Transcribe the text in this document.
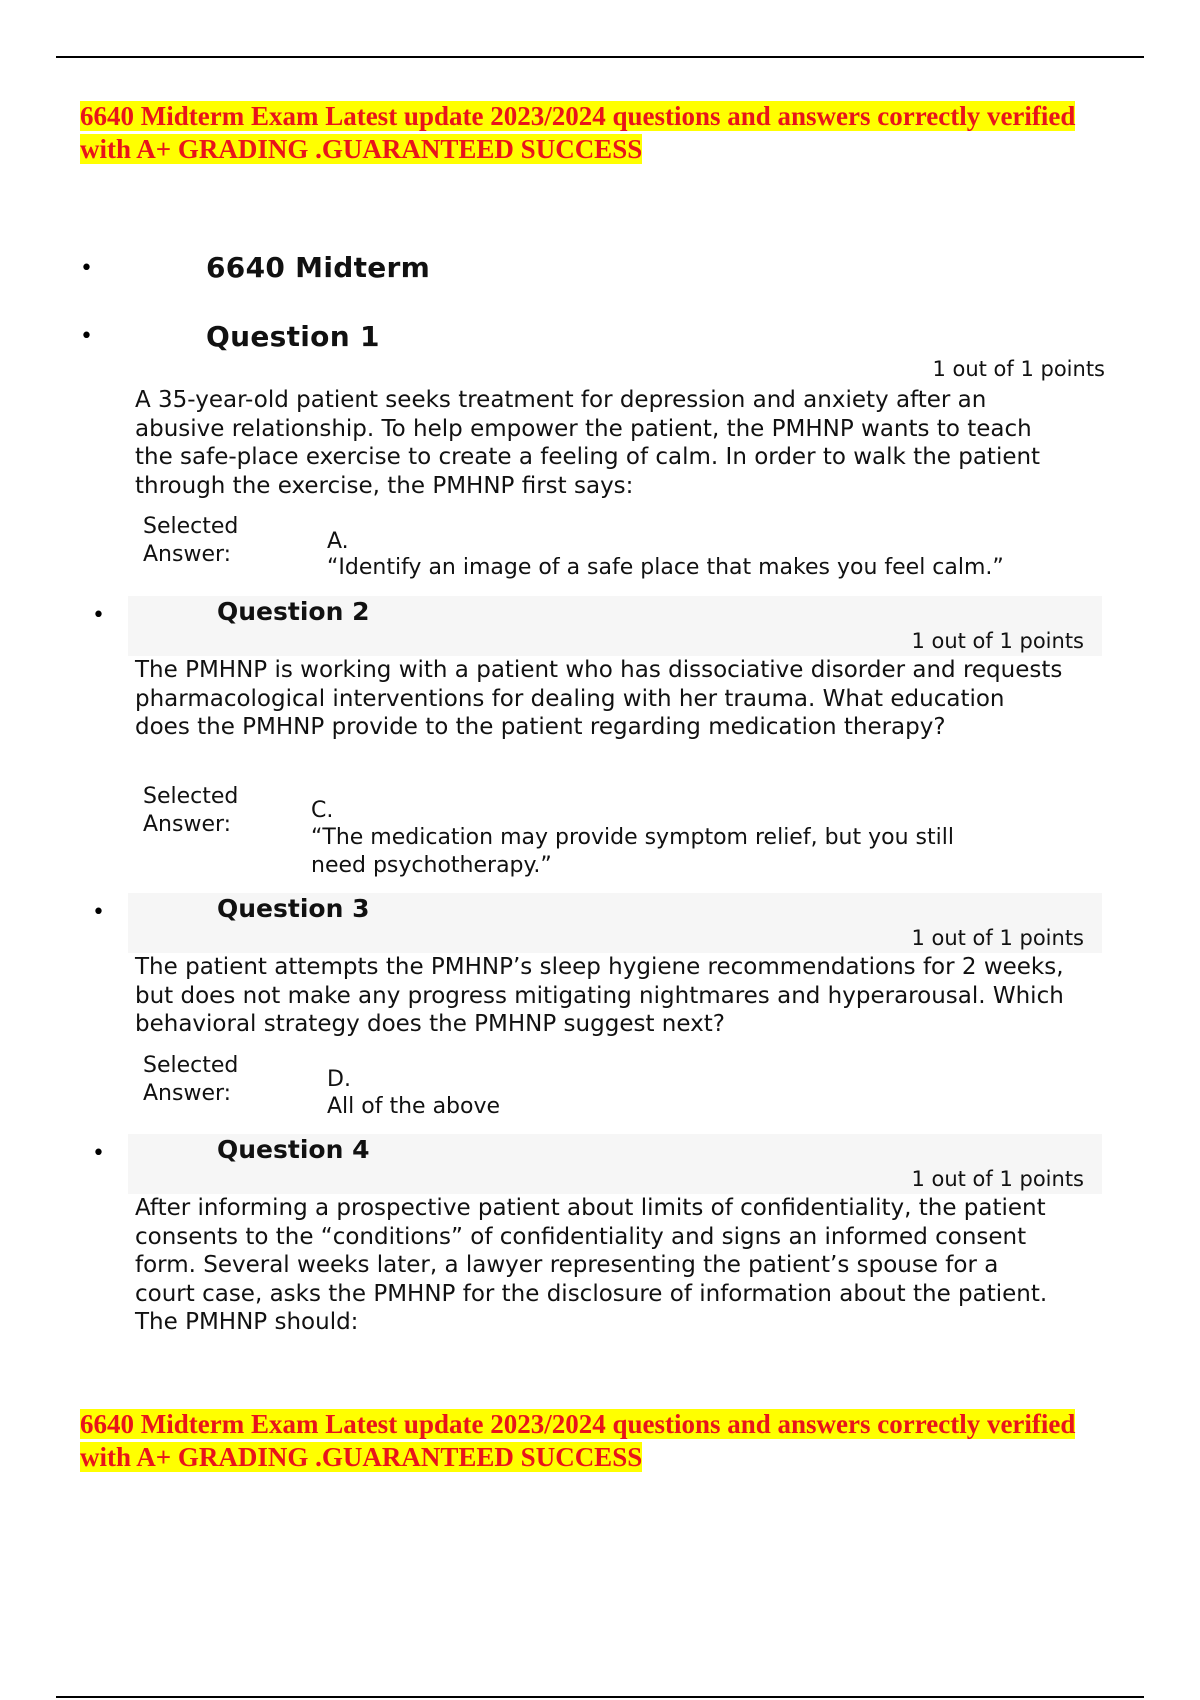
6640 Midterm Exam Latest update 2023/2024 questions and answers correctly verified
with A+ GRADING .GUARANTEED SUCCESS
•	6640 Midterm
•	Question 1
1 out of 1 points
A 35-year-old patient seeks treatment for depression and anxiety after an abusive relationship. To help empower the patient, the PMHNP wants to teach the safe-place exercise to create a feeling of calm. In order to walk the patient through the exercise, the PMHNP first says:
Selected Answer:
A.
“Identify an image of a safe place that makes you feel calm.”
•	Question 2
1 out of 1 points
The PMHNP is working with a patient who has dissociative disorder and requests pharmacological interventions for dealing with her trauma. What education does the PMHNP provide to the patient regarding medication therapy?
Selected Answer:
C.
“The medication may provide symptom relief, but you still need psychotherapy.”
•	Question 3
1 out of 1 points
The patient attempts the PMHNP’s sleep hygiene recommendations for 2 weeks, but does not make any progress mitigating nightmares and hyperarousal. Which behavioral strategy does the PMHNP suggest next?
Selected Answer:
D.
All of the above
•	Question 4
1 out of 1 points
After informing a prospective patient about limits of confidentiality, the patient consents to the “conditions” of confidentiality and signs an informed consent form. Several weeks later, a lawyer representing the patient’s spouse for a court case, asks the PMHNP for the disclosure of information about the patient. The PMHNP should:
6640 Midterm Exam Latest update 2023/2024 questions and answers correctly verified
with A+ GRADING .GUARANTEED SUCCESS
